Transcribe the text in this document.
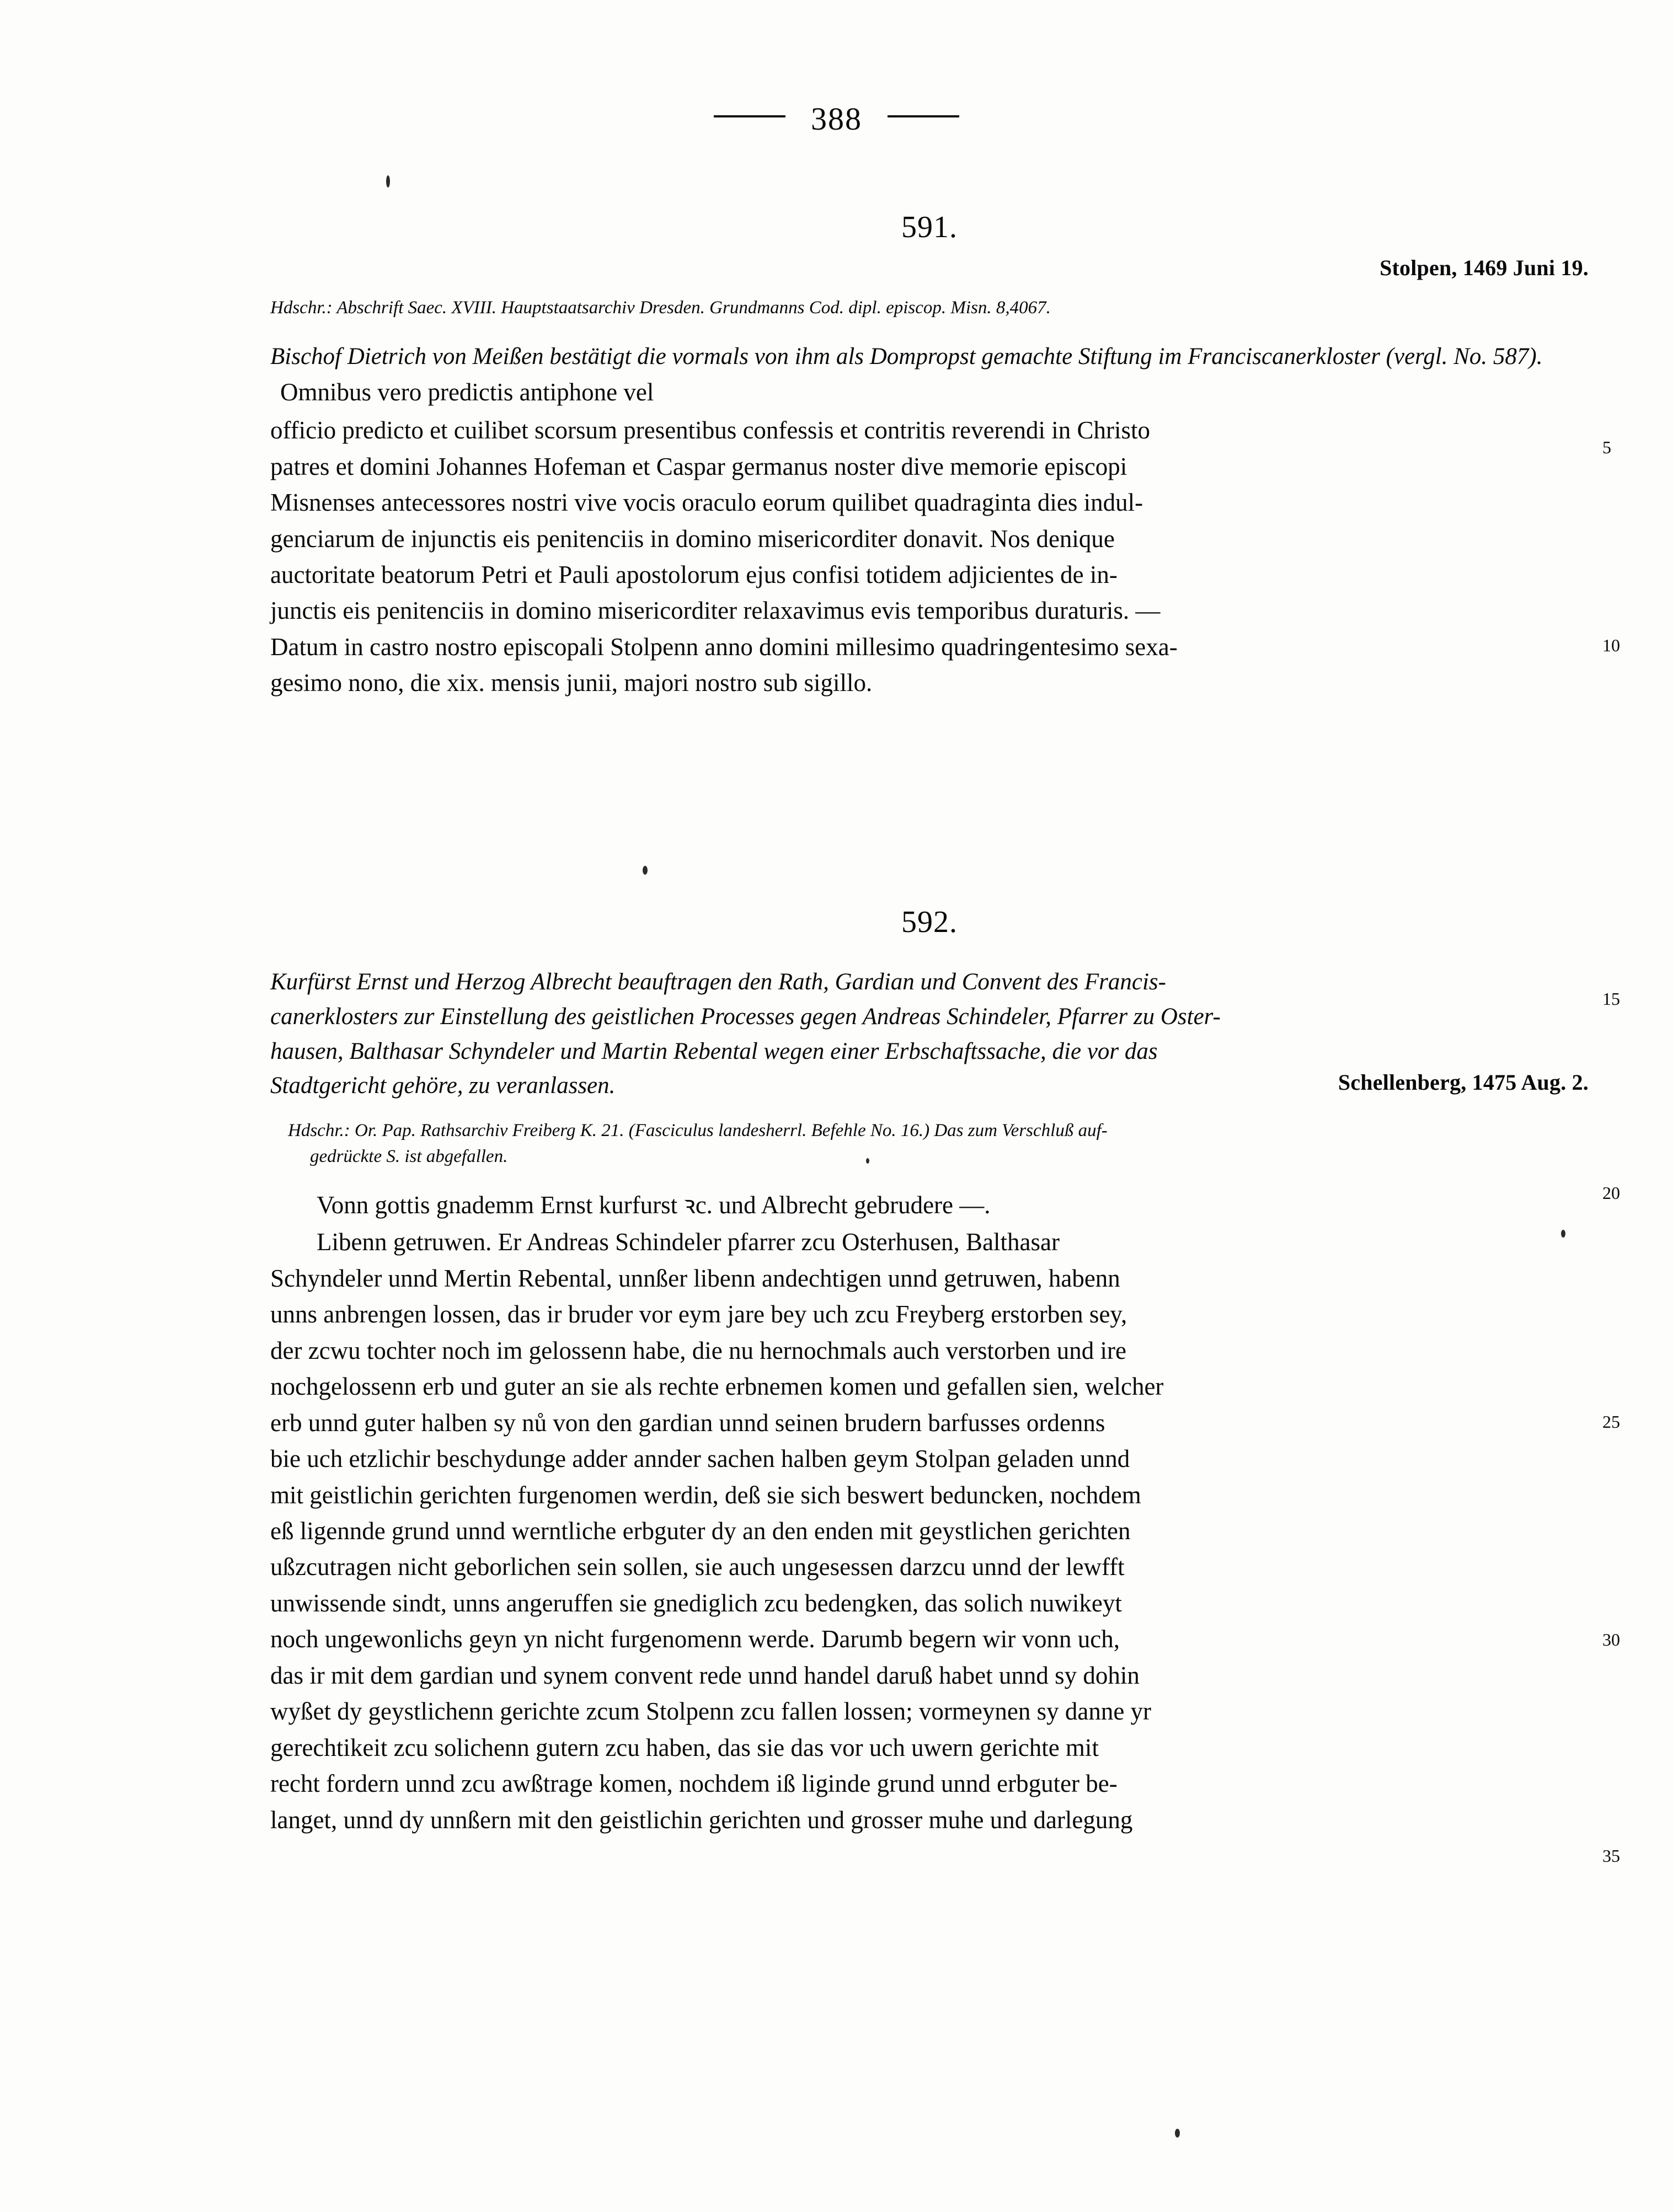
388
591.
Stolpen, 1469 Juni 19.
Hdschr.: Abschrift Saec. XVIII. Hauptstaatsarchiv Dresden. Grundmanns Cod. dipl. episcop. Misn. 8,4067.
Bischof Dietrich von Meißen bestätigt die vormals von ihm als Dompropst gemachte Stiftung im Franciscanerkloster (vergl. No. 587). Omnibus vero predictis antiphone vel
officio predicto et cuilibet scorsum presentibus confessis et contritis reverendi in Christo
patres et domini Johannes Hofeman et Caspar germanus noster dive memorie episcopi
Misnenses antecessores nostri vive vocis oraculo eorum quilibet quadraginta dies indul-
genciarum de injunctis eis penitenciis in domino misericorditer donavit. Nos denique
auctoritate beatorum Petri et Pauli apostolorum ejus confisi totidem adjicientes de in-
junctis eis penitenciis in domino misericorditer relaxavimus evis temporibus duraturis. —
Datum in castro nostro episcopali Stolpenn anno domini millesimo quadringentesimo sexa-
gesimo nono, die xix. mensis junii, majori nostro sub sigillo.
592.
Kurfürst Ernst und Herzog Albrecht beauftragen den Rath, Gardian und Convent des Francis-
canerklosters zur Einstellung des geistlichen Processes gegen Andreas Schindeler, Pfarrer zu Oster-
hausen, Balthasar Schyndeler und Martin Rebental wegen einer Erbschaftssache, die vor das
Stadtgericht gehöre, zu veranlassen.	Schellenberg, 1475 Aug. 2.
Hdschr.: Or. Pap. Rathsarchiv Freiberg K. 21. (Fasciculus landesherrl. Befehle No. 16.) Das zum Verschluß auf-
gedrückte S. ist abgefallen.
Vonn gottis gnademm Ernst kurfurst ꝛc. und Albrecht gebrudere —.
Libenn getruwen. Er Andreas Schindeler pfarrer zcu Osterhusen, Balthasar
Schyndeler unnd Mertin Rebental, unnßer libenn andechtigen unnd getruwen, habenn
unns anbrengen lossen, das ir bruder vor eym jare bey uch zcu Freyberg erstorben sey,
der zcwu tochter noch im gelossenn habe, die nu hernochmals auch verstorben und ire
nochgelossenn erb und guter an sie als rechte erbnemen komen und gefallen sien, welcher
erb unnd guter halben sy nů von den gardian unnd seinen brudern barfusses ordenns
bie uch etzlichir beschydunge adder annder sachen halben geym Stolpan geladen unnd
mit geistlichin gerichten furgenomen werdin, deß sie sich beswert beduncken, nochdem
eß ligennde grund unnd werntliche erbguter dy an den enden mit geystlichen gerichten
ußzcutragen nicht geborlichen sein sollen, sie auch ungesessen darzcu unnd der lewfft
unwissende sindt, unns angeruffen sie gnediglich zcu bedengken, das solich nuwikeyt
noch ungewonlichs geyn yn nicht furgenomenn werde. Darumb begern wir vonn uch,
das ir mit dem gardian und synem convent rede unnd handel daruß habet unnd sy dohin
wyßet dy geystlichenn gerichte zcum Stolpenn zcu fallen lossen; vormeynen sy danne yr
gerechtikeit zcu solichenn gutern zcu haben, das sie das vor uch uwern gerichte mit
recht fordern unnd zcu awßtrage komen, nochdem iß liginde grund unnd erbguter be-
langet, unnd dy unnßern mit den geistlichin gerichten und grosser muhe und darlegung
5
10
15
20
25
30
35
